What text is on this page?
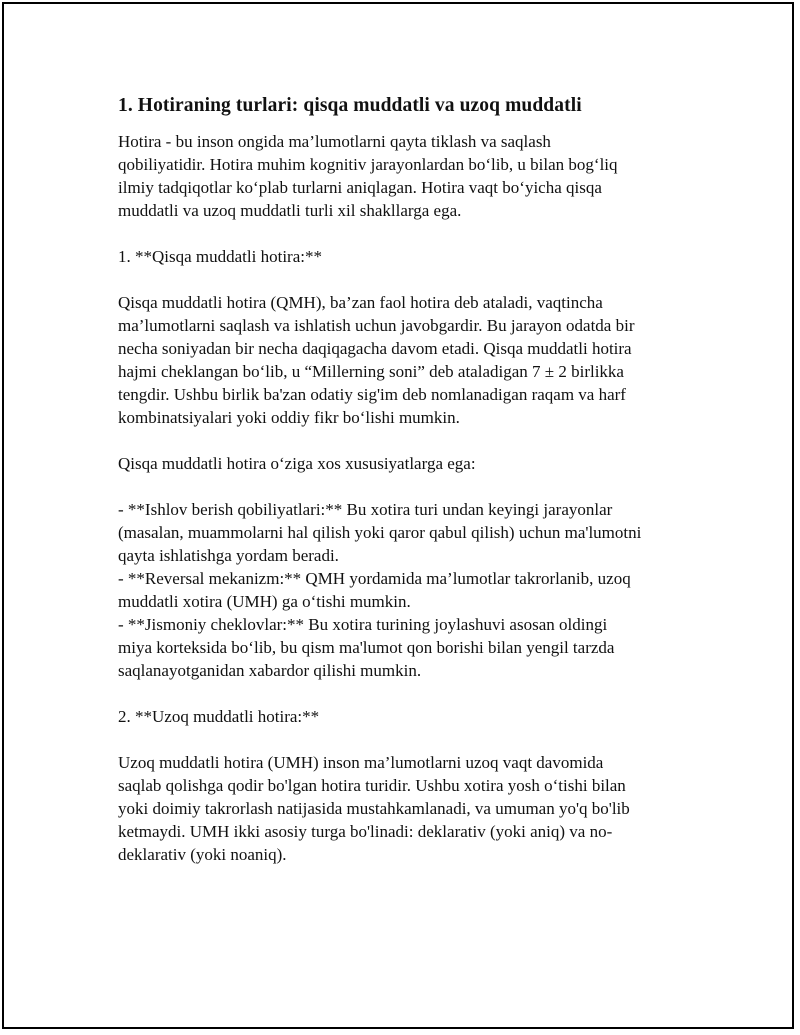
1. Hotiraning turlari: qisqa muddatli va uzoq muddatli

Hotira - bu inson ongida ma’lumotlarni qayta tiklash va saqlash
qobiliyatidir. Hotira muhim kognitiv jarayonlardan bo‘lib, u bilan bog‘liq
ilmiy tadqiqotlar ko‘plab turlarni aniqlagan. Hotira vaqt bo‘yicha qisqa
muddatli va uzoq muddatli turli xil shakllarga ega.

1. **Qisqa muddatli hotira:**

Qisqa muddatli hotira (QMH), ba’zan faol hotira deb ataladi, vaqtincha
ma’lumotlarni saqlash va ishlatish uchun javobgardir. Bu jarayon odatda bir
necha soniyadan bir necha daqiqagacha davom etadi. Qisqa muddatli hotira
hajmi cheklangan bo‘lib, u “Millerning soni” deb ataladigan 7 ± 2 birlikka
tengdir. Ushbu birlik ba'zan odatiy sig'im deb nomlanadigan raqam va harf
kombinatsiyalari yoki oddiy fikr bo‘lishi mumkin.

Qisqa muddatli hotira o‘ziga xos xususiyatlarga ega:

- **Ishlov berish qobiliyatlari:** Bu xotira turi undan keyingi jarayonlar
(masalan, muammolarni hal qilish yoki qaror qabul qilish) uchun ma'lumotni
qayta ishlatishga yordam beradi.
- **Reversal mekanizm:** QMH yordamida ma’lumotlar takrorlanib, uzoq
muddatli xotira (UMH) ga o‘tishi mumkin.
- **Jismoniy cheklovlar:** Bu xotira turining joylashuvi asosan oldingi
miya korteksida bo‘lib, bu qism ma'lumot qon borishi bilan yengil tarzda
saqlanayotganidan xabardor qilishi mumkin.

2. **Uzoq muddatli hotira:**

Uzoq muddatli hotira (UMH) inson ma’lumotlarni uzoq vaqt davomida
saqlab qolishga qodir bo'lgan hotira turidir. Ushbu xotira yosh o‘tishi bilan
yoki doimiy takrorlash natijasida mustahkamlanadi, va umuman yo'q bo'lib
ketmaydi. UMH ikki asosiy turga bo'linadi: deklarativ (yoki aniq) va no-
deklarativ (yoki noaniq).
